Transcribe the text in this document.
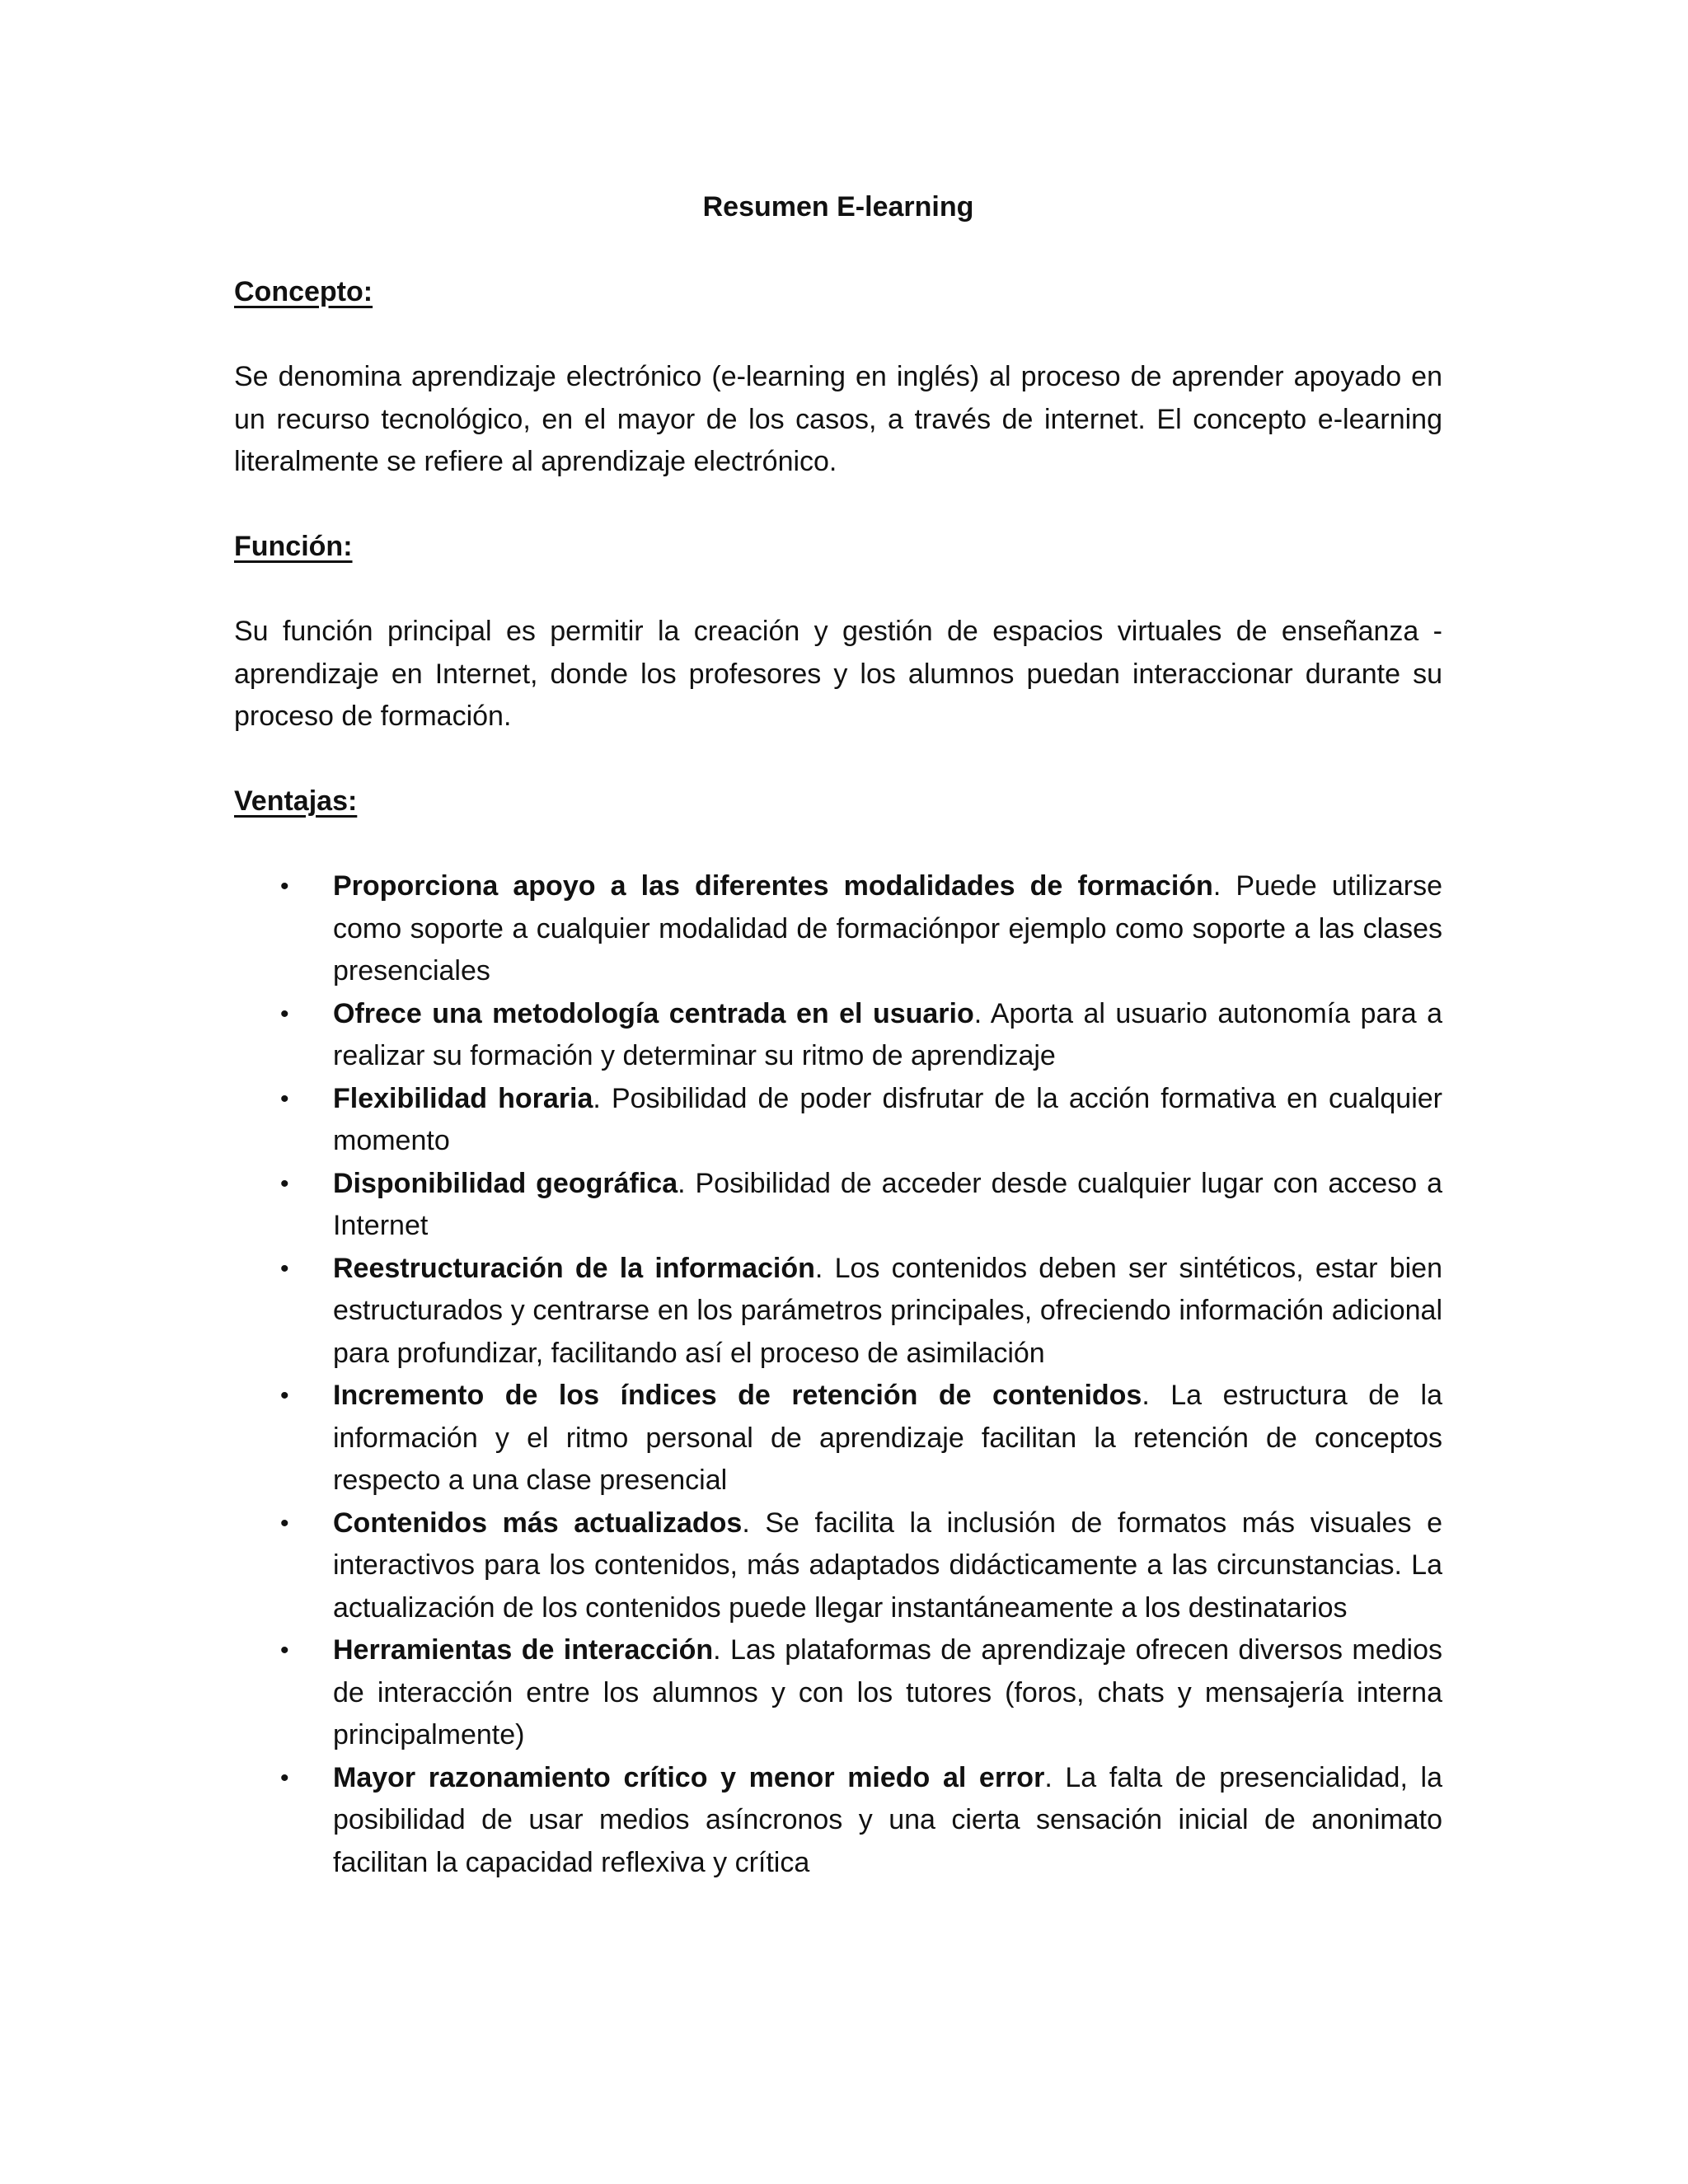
Resumen E-learning

Concepto:

Se denomina aprendizaje electrónico (e-learning en inglés) al proceso de aprender apoyado en un recurso tecnológico, en el mayor de los casos, a través de internet. El concepto e-learning literalmente se refiere al aprendizaje electrónico.

Función:

Su función principal es permitir la creación y gestión de espacios virtuales de enseñanza - aprendizaje en Internet, donde los profesores y los alumnos puedan interaccionar durante su proceso de formación.

Ventajas:

• Proporciona apoyo a las diferentes modalidades de formación. Puede utilizarse como soporte a cualquier modalidad de formaciónpor ejemplo como soporte a las clases presenciales
• Ofrece una metodología centrada en el usuario. Aporta al usuario autonomía para a realizar su formación y determinar su ritmo de aprendizaje
• Flexibilidad horaria. Posibilidad de poder disfrutar de la acción formativa en cualquier momento
• Disponibilidad geográfica. Posibilidad de acceder desde cualquier lugar con acceso a Internet
• Reestructuración de la información. Los contenidos deben ser sintéticos, estar bien estructurados y centrarse en los parámetros principales, ofreciendo información adicional para profundizar, facilitando así el proceso de asimilación
• Incremento de los índices de retención de contenidos. La estructura de la información y el ritmo personal de aprendizaje facilitan la retención de conceptos respecto a una clase presencial
• Contenidos más actualizados. Se facilita la inclusión de formatos más visuales e interactivos para los contenidos, más adaptados didácticamente a las circunstancias. La actualización de los contenidos puede llegar instantáneamente a los destinatarios
• Herramientas de interacción. Las plataformas de aprendizaje ofrecen diversos medios de interacción entre los alumnos y con los tutores (foros, chats y mensajería interna principalmente)
• Mayor razonamiento crítico y menor miedo al error. La falta de presencialidad, la posibilidad de usar medios asíncronos y una cierta sensación inicial de anonimato facilitan la capacidad reflexiva y crítica
